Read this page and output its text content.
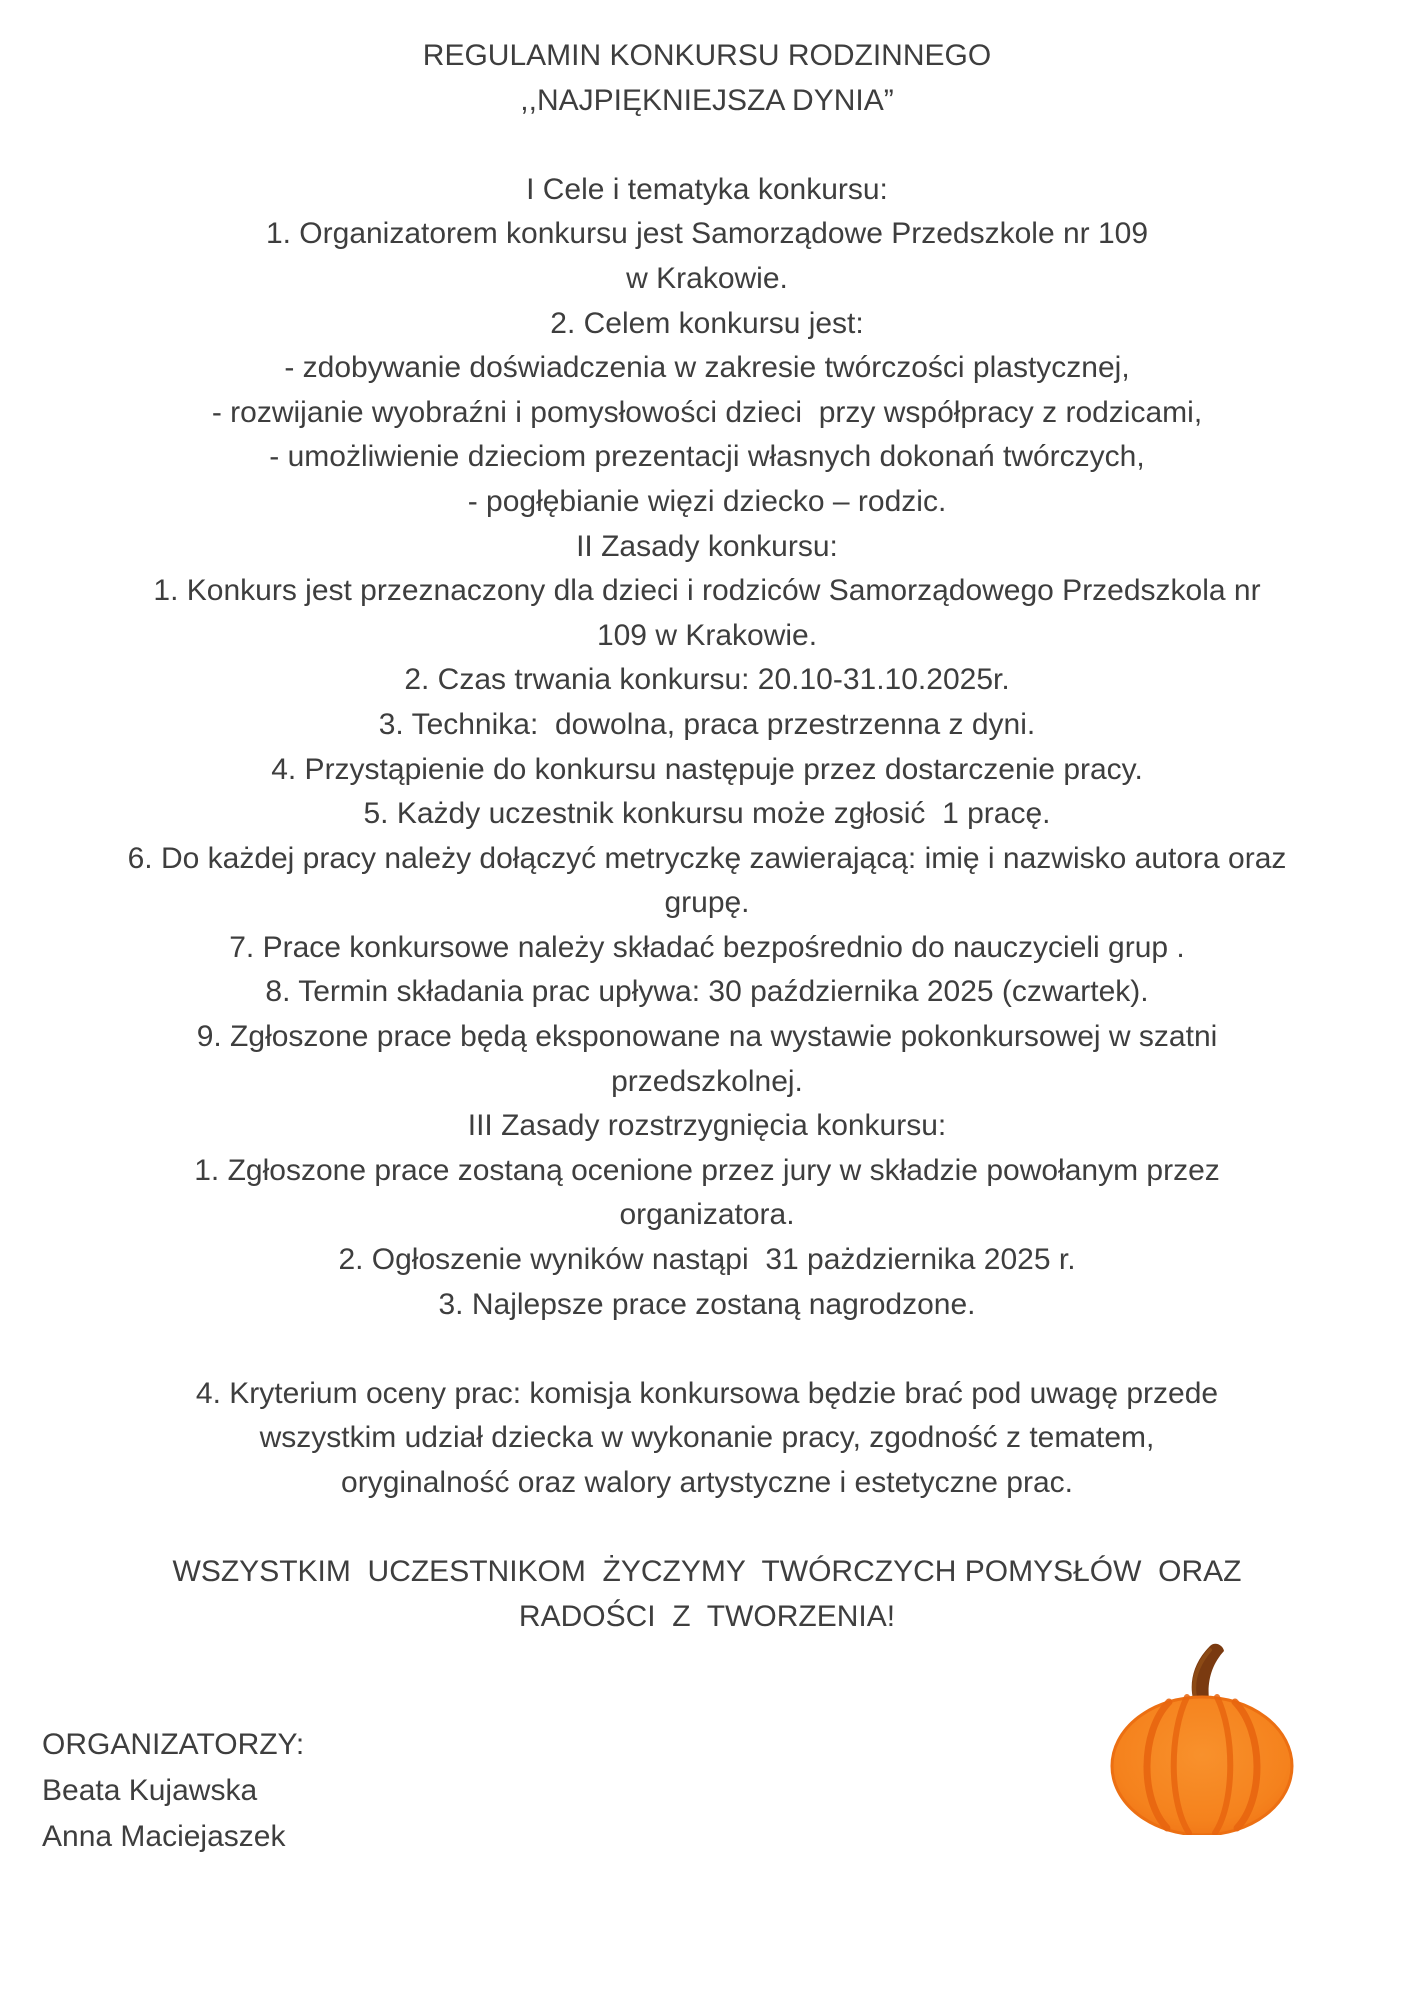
REGULAMIN KONKURSU RODZINNEGO
,,NAJPIĘKNIEJSZA DYNIA”
I Cele i tematyka konkursu:
1. Organizatorem konkursu jest Samorządowe Przedszkole nr 109
w Krakowie.
2. Celem konkursu jest:
- zdobywanie doświadczenia w zakresie twórczości plastycznej,
- rozwijanie wyobraźni i pomysłowości dzieci  przy współpracy z rodzicami,
- umożliwienie dzieciom prezentacji własnych dokonań twórczych,
- pogłębianie więzi dziecko – rodzic.
II Zasady konkursu:
1. Konkurs jest przeznaczony dla dzieci i rodziców Samorządowego Przedszkola nr
109 w Krakowie.
2. Czas trwania konkursu: 20.10-31.10.2025r.
3. Technika:  dowolna, praca przestrzenna z dyni.
4. Przystąpienie do konkursu następuje przez dostarczenie pracy.
5. Każdy uczestnik konkursu może zgłosić  1 pracę.
6. Do każdej pracy należy dołączyć metryczkę zawierającą: imię i nazwisko autora oraz
grupę.
7. Prace konkursowe należy składać bezpośrednio do nauczycieli grup .
8. Termin składania prac upływa: 30 października 2025 (czwartek).
9. Zgłoszone prace będą eksponowane na wystawie pokonkursowej w szatni
przedszkolnej.
III Zasady rozstrzygnięcia konkursu:
1. Zgłoszone prace zostaną ocenione przez jury w składzie powołanym przez
organizatora.
2. Ogłoszenie wyników nastąpi  31 pażdziernika 2025 r.
3. Najlepsze prace zostaną nagrodzone.
4. Kryterium oceny prac: komisja konkursowa będzie brać pod uwagę przede
wszystkim udział dziecka w wykonanie pracy, zgodność z tematem,
oryginalność oraz walory artystyczne i estetyczne prac.
WSZYSTKIM  UCZESTNIKOM  ŻYCZYMY  TWÓRCZYCH POMYSŁÓW  ORAZ
RADOŚCI  Z  TWORZENIA!
ORGANIZATORZY:
Beata Kujawska
Anna Maciejaszek
